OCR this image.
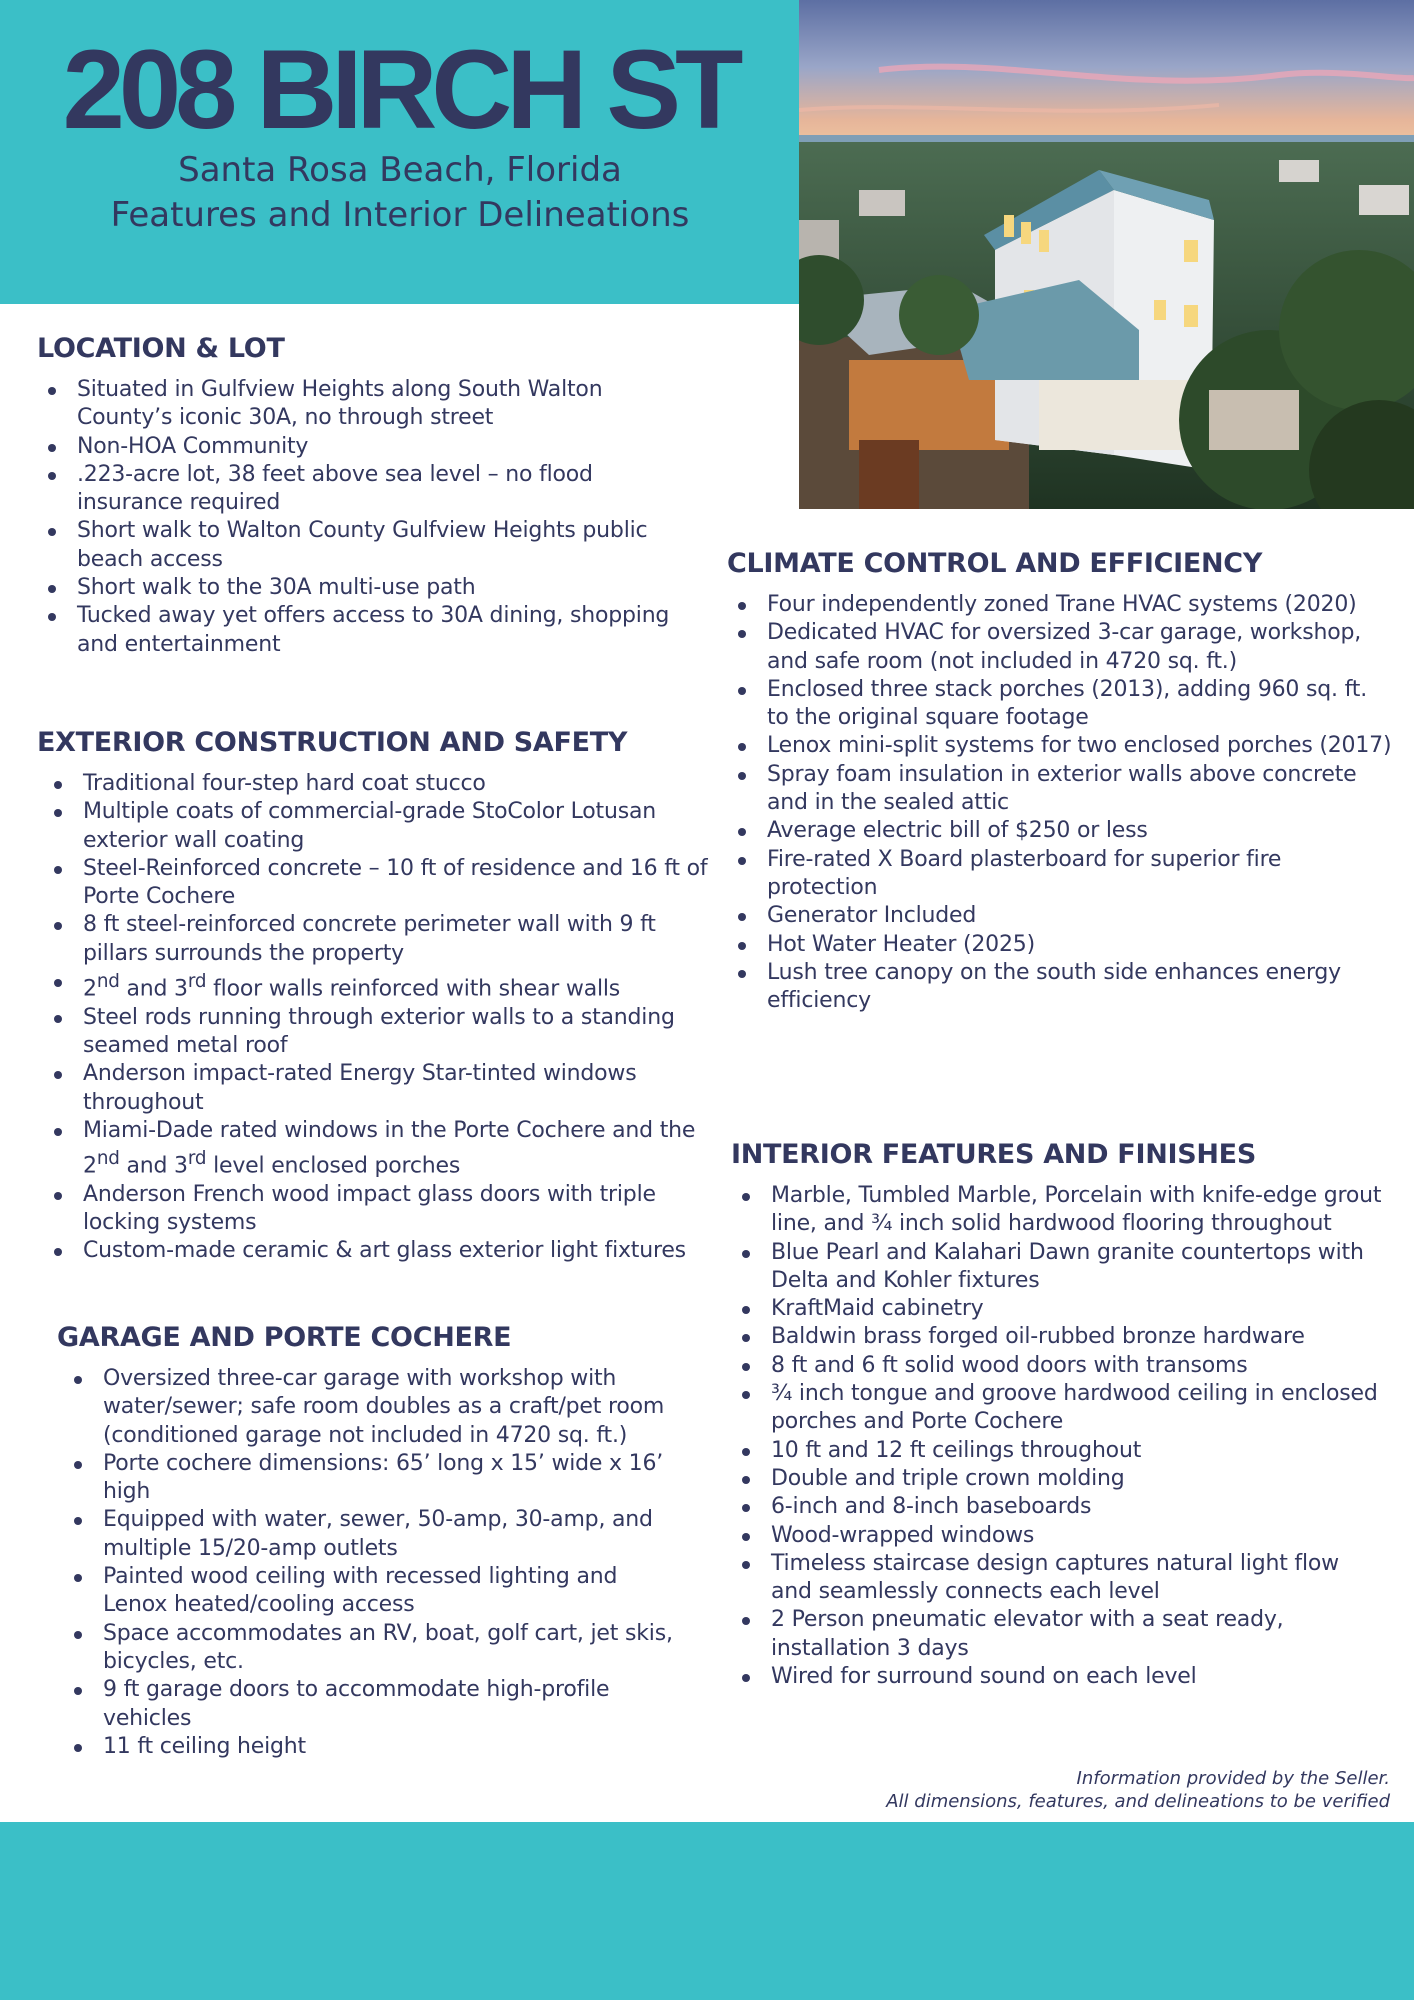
208 BIRCH ST
Santa Rosa Beach, Florida
Features and Interior Delineations
LOCATION & LOT
Situated in Gulfview Heights along South Walton County’s iconic 30A, no through street
Non-HOA Community
.223-acre lot, 38 feet above sea level – no flood insurance required
Short walk to Walton County Gulfview Heights public beach access
Short walk to the 30A multi-use path
Tucked away yet offers access to 30A dining, shopping and entertainment
EXTERIOR CONSTRUCTION AND SAFETY
Traditional four-step hard coat stucco
Multiple coats of commercial-grade StoColor Lotusan exterior wall coating
Steel-Reinforced concrete – 10 ft of residence and 16 ft of Porte Cochere
8 ft steel-reinforced concrete perimeter wall with 9 ft pillars surrounds the property
2nd and 3rd floor walls reinforced with shear walls
Steel rods running through exterior walls to a standing seamed metal roof
Anderson impact-rated Energy Star-tinted windows throughout
Miami-Dade rated windows in the Porte Cochere and the 2nd and 3rd level enclosed porches
Anderson French wood impact glass doors with triple locking systems
Custom-made ceramic & art glass exterior light fixtures
GARAGE AND PORTE COCHERE
Oversized three-car garage with workshop with water/sewer; safe room doubles as a craft/pet room (conditioned garage not included in 4720 sq. ft.)
Porte cochere dimensions: 65’ long x 15’ wide x 16’ high
Equipped with water, sewer, 50-amp, 30-amp, and multiple 15/20-amp outlets
Painted wood ceiling with recessed lighting and Lenox heated/cooling access
Space accommodates an RV, boat, golf cart, jet skis, bicycles, etc.
9 ft garage doors to accommodate high-profile vehicles
11 ft ceiling height
CLIMATE CONTROL AND EFFICIENCY
Four independently zoned Trane HVAC systems (2020)
Dedicated HVAC for oversized 3-car garage, workshop, and safe room (not included in 4720 sq. ft.)
Enclosed three stack porches (2013), adding 960 sq. ft. to the original square footage
Lenox mini-split systems for two enclosed porches (2017)
Spray foam insulation in exterior walls above concrete and in the sealed attic
Average electric bill of $250 or less
Fire-rated X Board plasterboard for superior fire protection
Generator Included
Hot Water Heater (2025)
Lush tree canopy on the south side enhances energy efficiency
INTERIOR FEATURES AND FINISHES
Marble, Tumbled Marble, Porcelain with knife-edge grout line, and ¾ inch solid hardwood flooring throughout
Blue Pearl and Kalahari Dawn granite countertops with Delta and Kohler fixtures
KraftMaid cabinetry
Baldwin brass forged oil-rubbed bronze hardware
8 ft and 6 ft solid wood doors with transoms
¾ inch tongue and groove hardwood ceiling in enclosed porches and Porte Cochere
10 ft and 12 ft ceilings throughout
Double and triple crown molding
6-inch and 8-inch baseboards
Wood-wrapped windows
Timeless staircase design captures natural light flow and seamlessly connects each level
2 Person pneumatic elevator with a seat ready, installation 3 days
Wired for surround sound on each level
Information provided by the Seller.
All dimensions, features, and delineations to be verified
